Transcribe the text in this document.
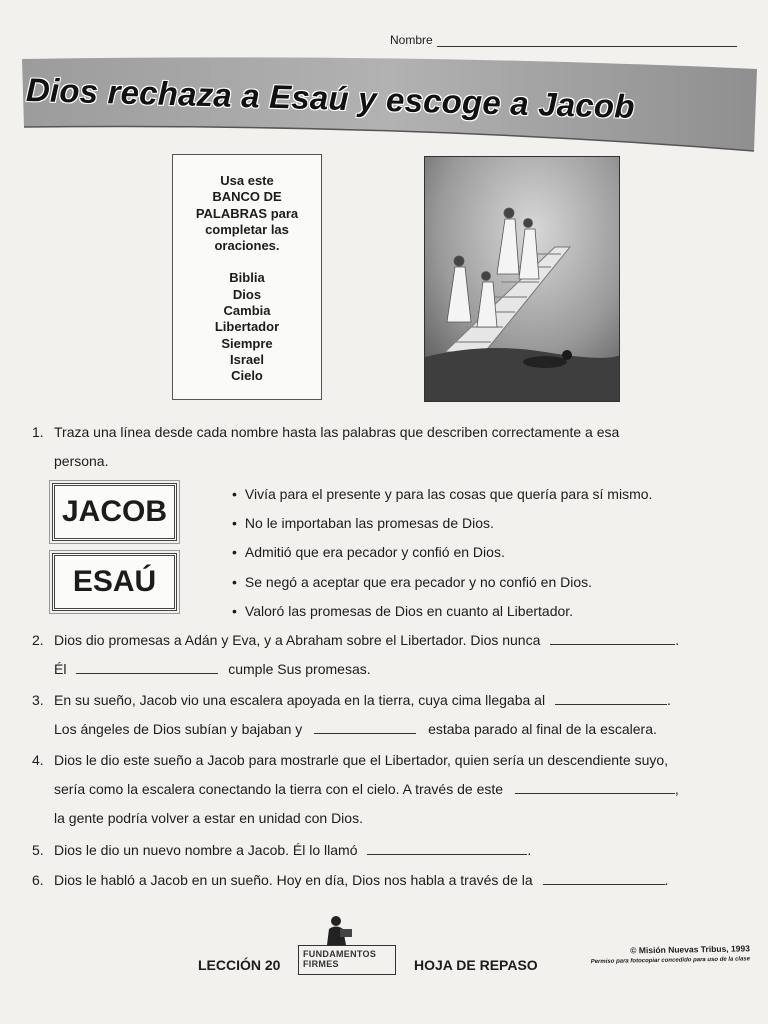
Nombre
Dios rechaza a Esaú y escoge a Jacob
Usa este
BANCO DE
PALABRAS para
completar las
oraciones.
Biblia
Dios
Cambia
Libertador
Siempre
Israel
Cielo
1. Traza una línea desde cada nombre hasta las palabras que describen correctamente a esa
persona.
JACOB
ESAÚ
• Vivía para el presente y para las cosas que quería para sí mismo.
• No le importaban las promesas de Dios.
• Admitió que era pecador y confió en Dios.
• Se negó a aceptar que era pecador y no confió en Dios.
• Valoró las promesas de Dios en cuanto al Libertador.
2. Dios dio promesas a Adán y Eva, y a Abraham sobre el Libertador. Dios nunca	.
Él	cumple Sus promesas.
3. En su sueño, Jacob vio una escalera apoyada en la tierra, cuya cima llegaba al	.
Los ángeles de Dios subían y bajaban y	estaba parado al final de la escalera.
4. Dios le dio este sueño a Jacob para mostrarle que el Libertador, quien sería un descendiente suyo,
sería como la escalera conectando la tierra con el cielo. A través de este	,
la gente podría volver a estar en unidad con Dios.
5. Dios le dio un nuevo nombre a Jacob. Él lo llamó	.
6. Dios le habló a Jacob en un sueño. Hoy en día, Dios nos habla a través de la	.
LECCIÓN 20
FUNDAMENTOS
FIRMES	HOJA DE REPASO
© Misión Nuevas Tribus, 1993
Permiso para fotocopiar concedido para uso de la clase
